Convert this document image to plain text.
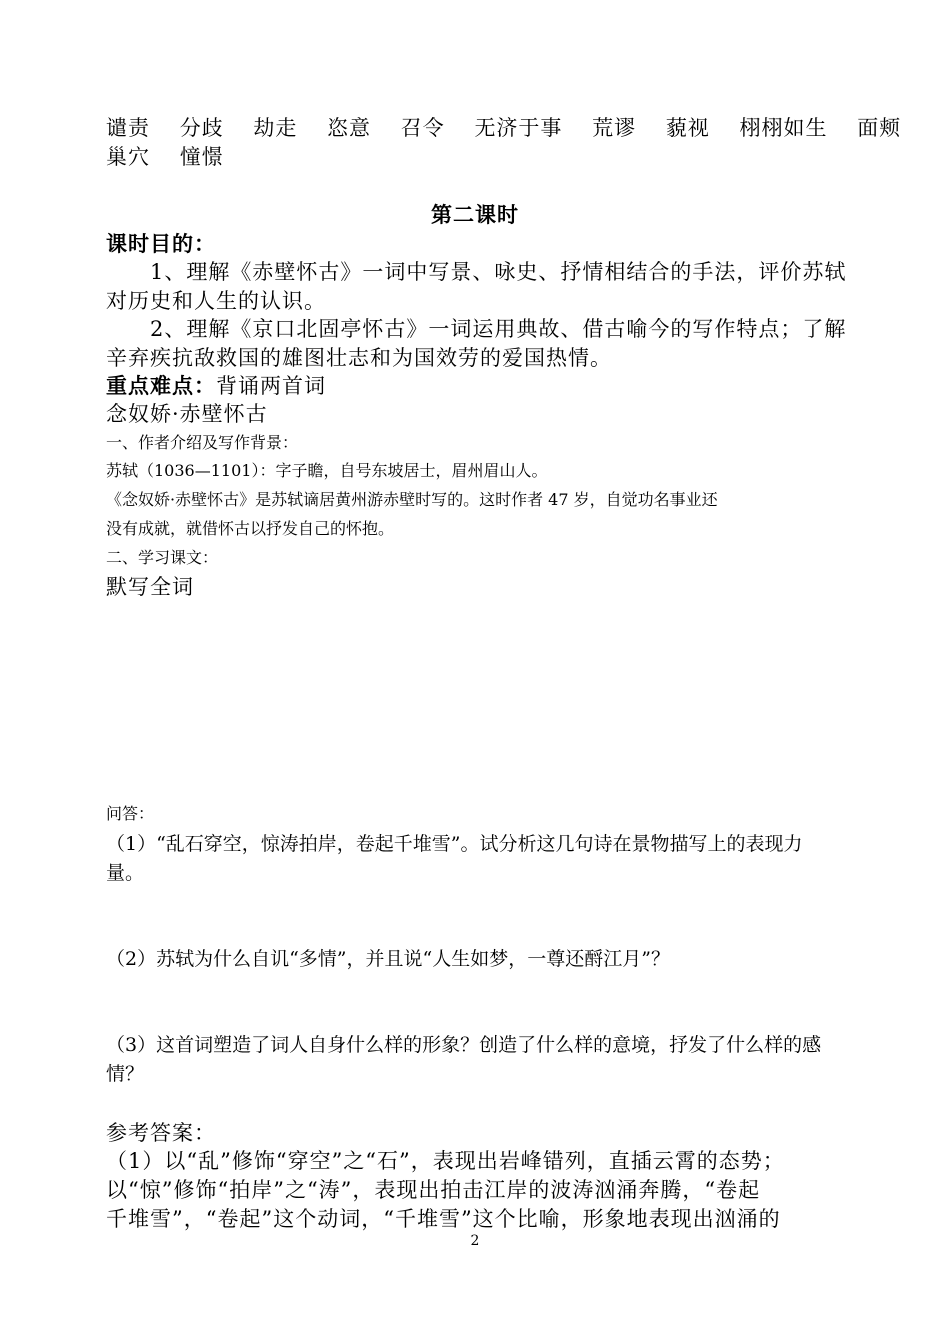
谴责 分歧 劫走 恣意 召令 无济于事 荒谬 藐视 栩栩如生 面颊
巢穴 憧憬
第二课时
课时目的：
1、理解《赤壁怀古》一词中写景、咏史、抒情相结合的手法，评价苏轼
对历史和人生的认识。
2、理解《京口北固亭怀古》一词运用典故、借古喻今的写作特点；了解
辛弃疾抗敌救国的雄图壮志和为国效劳的爱国热情。
重点难点：背诵两首词
念奴娇·赤壁怀古
一、作者介绍及写作背景：
苏轼（1036—1101）：字子瞻，自号东坡居士，眉州眉山人。
《念奴娇·赤壁怀古》是苏轼谪居黄州游赤壁时写的。这时作者 47 岁，自觉功名事业还
没有成就，就借怀古以抒发自己的怀抱。
二、学习课文：
默写全词
问答：
（1）“乱石穿空，惊涛拍岸，卷起千堆雪”。试分析这几句诗在景物描写上的表现力
量。
（2）苏轼为什么自讥“多情”，并且说“人生如梦，一尊还酹江月”？
（3）这首词塑造了词人自身什么样的形象？创造了什么样的意境，抒发了什么样的感
情？
参考答案：
（1）以“乱”修饰“穿空”之“石”，表现出岩峰错列，直插云霄的态势；
以“惊”修饰“拍岸”之“涛”，表现出拍击江岸的波涛汹涌奔腾，“卷起
千堆雪”，“卷起”这个动词，“千堆雪”这个比喻，形象地表现出汹涌的
2
